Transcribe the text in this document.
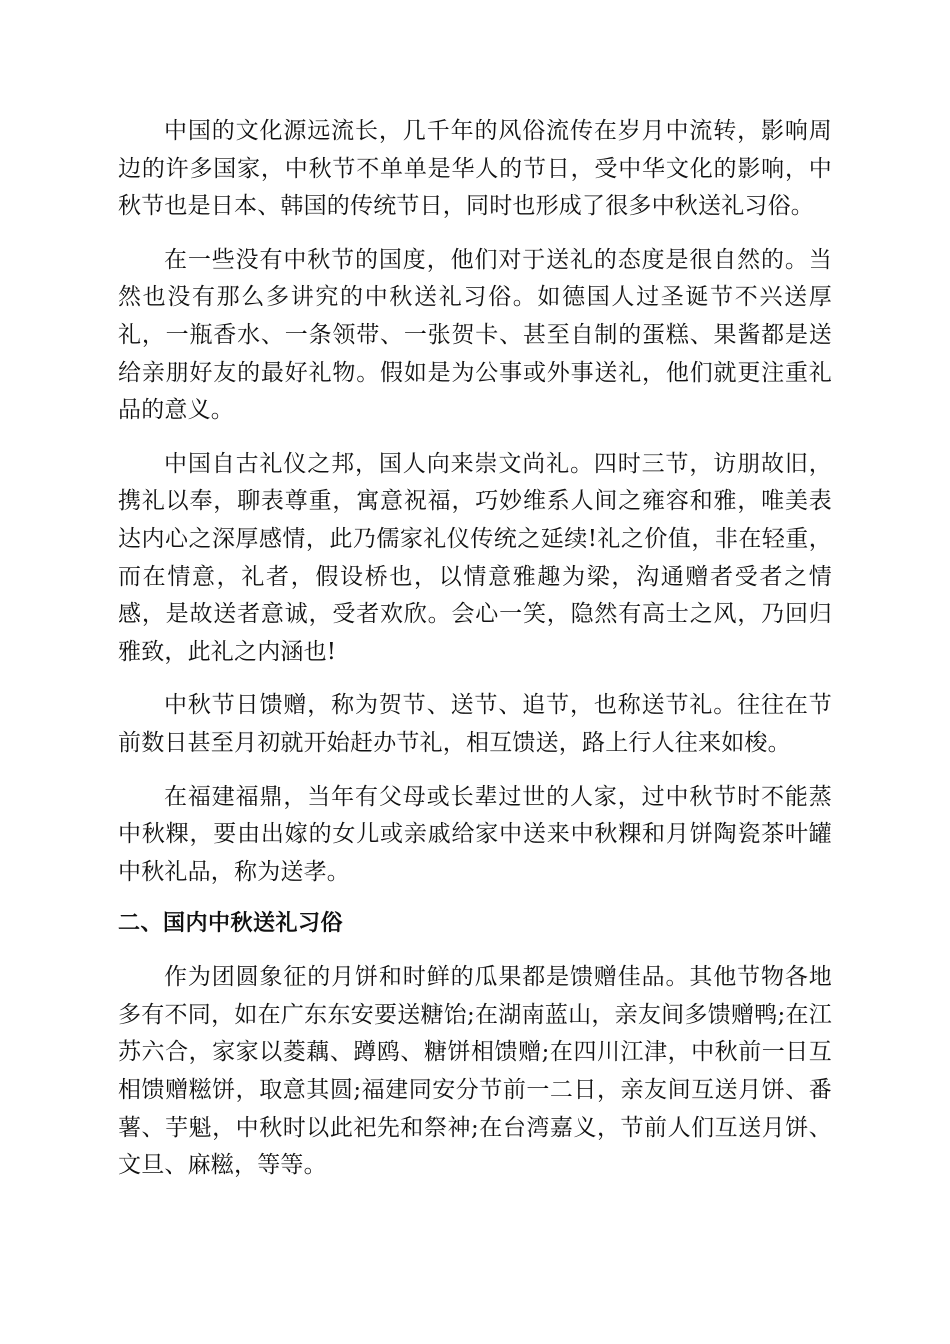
中国的文化源远流长，几千年的风俗流传在岁月中流转，影响周边的许多国家，中秋节不单单是华人的节日，受中华文化的影响，中秋节也是日本、韩国的传统节日，同时也形成了很多中秋送礼习俗。

在一些没有中秋节的国度，他们对于送礼的态度是很自然的。当然也没有那么多讲究的中秋送礼习俗。如德国人过圣诞节不兴送厚礼，一瓶香水、一条领带、一张贺卡、甚至自制的蛋糕、果酱都是送给亲朋好友的最好礼物。假如是为公事或外事送礼，他们就更注重礼品的意义。

中国自古礼仪之邦，国人向来崇文尚礼。四时三节，访朋故旧，携礼以奉，聊表尊重，寓意祝福，巧妙维系人间之雍容和雅，唯美表达内心之深厚感情，此乃儒家礼仪传统之延续!礼之价值，非在轻重，而在情意，礼者，假设桥也，以情意雅趣为梁，沟通赠者受者之情感，是故送者意诚，受者欢欣。会心一笑，隐然有高士之风，乃回归雅致，此礼之内涵也!

中秋节日馈赠，称为贺节、送节、追节，也称送节礼。往往在节前数日甚至月初就开始赶办节礼，相互馈送，路上行人往来如梭。

在福建福鼎，当年有父母或长辈过世的人家，过中秋节时不能蒸中秋粿，要由出嫁的女儿或亲戚给家中送来中秋粿和月饼陶瓷茶叶罐中秋礼品，称为送孝。

二、国内中秋送礼习俗

作为团圆象征的月饼和时鲜的瓜果都是馈赠佳品。其他节物各地多有不同，如在广东东安要送糖饴;在湖南蓝山，亲友间多馈赠鸭;在江苏六合，家家以菱藕、蹲鸥、糖饼相馈赠;在四川江津，中秋前一日互相馈赠糍饼，取意其圆;福建同安分节前一二日，亲友间互送月饼、番薯、芋魁，中秋时以此祀先和祭神;在台湾嘉义，节前人们互送月饼、文旦、麻糍，等等。
